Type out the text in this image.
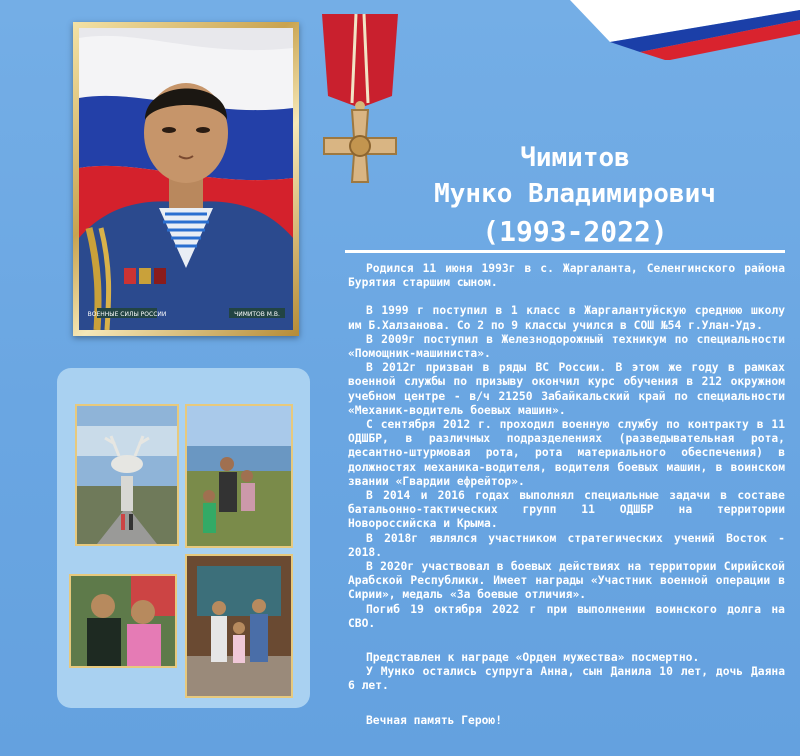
ВОЕННЫЕ СИЛЫ РОССИИ	ЧИМИТОВ М.В.
Чимитов
Мунко Владимирович
(1993-2022)

Родился 11 июня 1993г в с. Жаргаланта, Селенгинского района Бурятия старшим сыном.

В 1999 г поступил в 1 класс в Жаргалантуйскую среднюю школу им Б.Халзанова. Со 2 по 9 классы учился в СОШ №54 г.Улан-Удэ.

В 2009г поступил в Железнодорожный техникум по специальности «Помощник-машиниста».

В 2012г призван в ряды ВС России. В этом же году в рамках военной службы по призыву окончил курс обучения в 212 окружном учебном центре - в/ч 21250 Забайкальский край по специальности «Механик-водитель боевых машин».

С сентября 2012 г. проходил военную службу по контракту в 11 ОДШБР, в различных подразделениях (разведывательная рота, десантно-штурмовая рота, рота материального обеспечения) в должностях механика-водителя, водителя боевых машин, в воинском звании «Гвардии ефрейтор».

В 2014 и 2016 годах выполнял специальные задачи в составе батальонно-тактических групп 11 ОДШБР на территории Новороссийска и Крыма.

В 2018г являлся участником стратегических учений Восток - 2018.

В 2020г участвовал в боевых действиях на территории Сирийской Арабской Республики. Имеет награды «Участник военной операции в Сирии», медаль «За боевые отличия».

Погиб 19 октября 2022 г при выполнении воинского долга на СВО.

Представлен к награде «Орден мужества» посмертно.

У Мунко остались супруга Анна, сын Данила 10 лет, дочь Даяна 6 лет.

Вечная память Герою!
